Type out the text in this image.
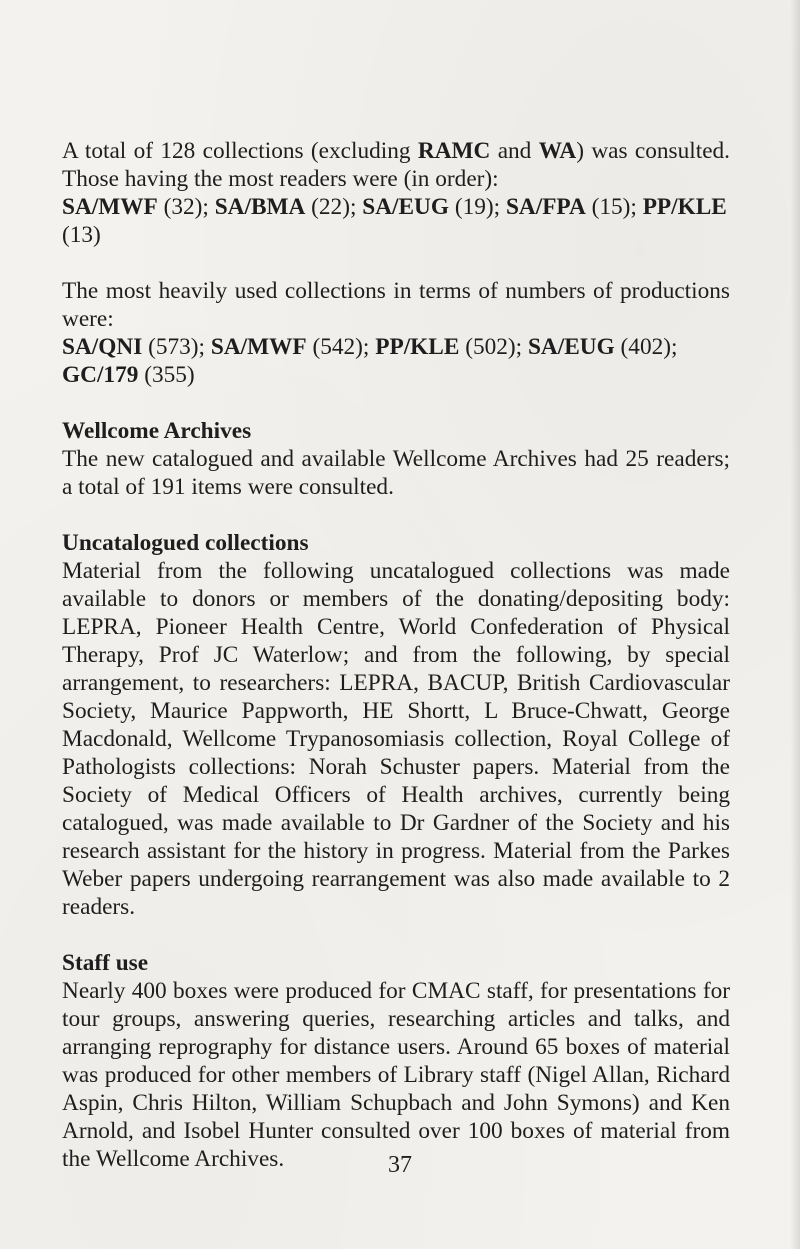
A total of 128 collections (excluding RAMC and WA) was consulted. Those having the most readers were (in order):

SA/MWF (32); SA/BMA (22); SA/EUG (19); SA/FPA (15); PP/KLE (13)

The most heavily used collections in terms of numbers of productions were:

SA/QNI (573); SA/MWF (542); PP/KLE (502); SA/EUG (402); GC/179 (355)

Wellcome Archives

The new catalogued and available Wellcome Archives had 25 readers; a total of 191 items were consulted.

Uncatalogued collections

Material from the following uncatalogued collections was made available to donors or members of the donating/depositing body: LEPRA, Pioneer Health Centre, World Confederation of Physical Therapy, Prof JC Waterlow; and from the following, by special arrangement, to researchers: LEPRA, BACUP, British Cardiovascular Society, Maurice Pappworth, HE Shortt, L Bruce-Chwatt, George Macdonald, Wellcome Trypanosomiasis collection, Royal College of Pathologists collections: Norah Schuster papers. Material from the Society of Medical Officers of Health archives, currently being catalogued, was made available to Dr Gardner of the Society and his research assistant for the history in progress. Material from the Parkes Weber papers undergoing rearrangement was also made available to 2 readers.

Staff use

Nearly 400 boxes were produced for CMAC staff, for presentations for tour groups, answering queries, researching articles and talks, and arranging reprography for distance users. Around 65 boxes of material was produced for other members of Library staff (Nigel Allan, Richard Aspin, Chris Hilton, William Schupbach and John Symons) and Ken Arnold, and Isobel Hunter consulted over 100 boxes of material from the Wellcome Archives.	37
